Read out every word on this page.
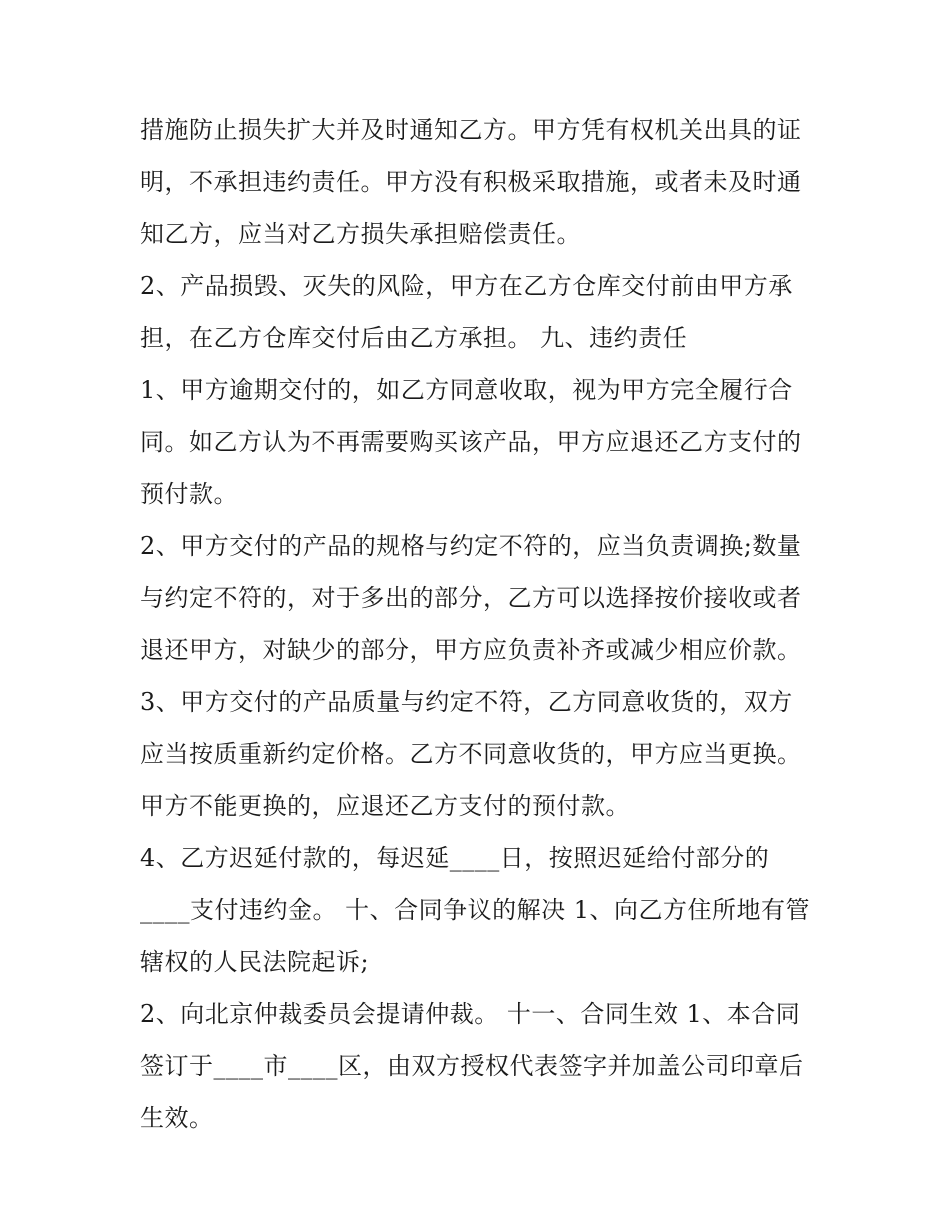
措施防止损失扩大并及时通知乙方。甲方凭有权机关出具的证
明，不承担违约责任。甲方没有积极采取措施，或者未及时通
知乙方，应当对乙方损失承担赔偿责任。
2、产品损毁、灭失的风险，甲方在乙方仓库交付前由甲方承
担，在乙方仓库交付后由乙方承担。 九、违约责任
1、甲方逾期交付的，如乙方同意收取，视为甲方完全履行合
同。如乙方认为不再需要购买该产品，甲方应退还乙方支付的
预付款。
2、甲方交付的产品的规格与约定不符的，应当负责调换;数量
与约定不符的，对于多出的部分，乙方可以选择按价接收或者
退还甲方，对缺少的部分，甲方应负责补齐或减少相应价款。
3、甲方交付的产品质量与约定不符，乙方同意收货的，双方
应当按质重新约定价格。乙方不同意收货的，甲方应当更换。
甲方不能更换的，应退还乙方支付的预付款。
4、乙方迟延付款的，每迟延____日，按照迟延给付部分的
____支付违约金。 十、合同争议的解决 1、向乙方住所地有管
辖权的人民法院起诉;
2、向北京仲裁委员会提请仲裁。 十一、合同生效 1、本合同
签订于____市____区，由双方授权代表签字并加盖公司印章后
生效。
